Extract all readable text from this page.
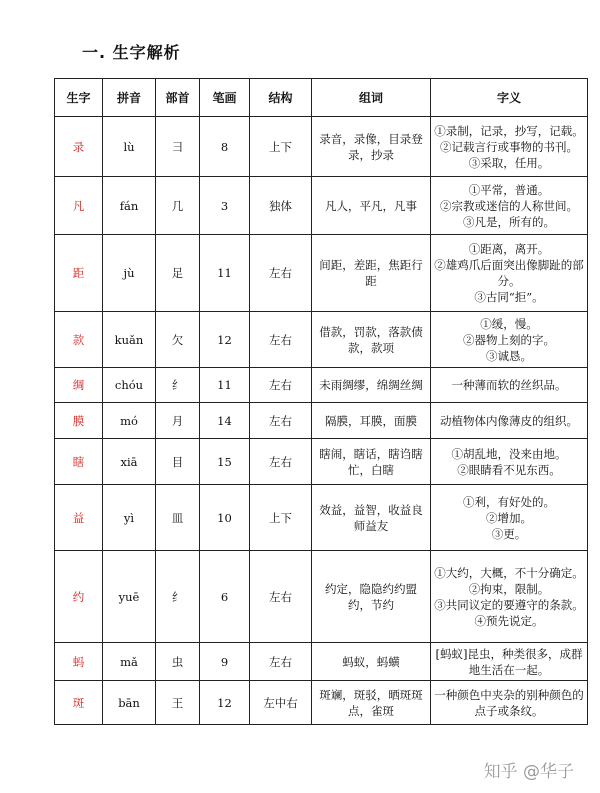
一. 生字解析
生字	拼音	部首	笔画	结构	组词	字义
录	lù	彐	8	上下	录音，录像，目录登录，抄录	①录制，记录，抄写，记载。
②记载言行或事物的书刊。
③采取，任用。

凡	fán	几	3	独体	凡人，平凡，凡事	①平常，普通。
②宗教或迷信的人称世间。
③凡是，所有的。

距	jù	足	11	左右	间距，差距，焦距行距	①距离，离开。
②雄鸡爪后面突出像脚趾的部分。
③古同“拒”。

款	kuǎn	欠	12	左右	借款，罚款，落款债款，款项	①缓，慢。
②器物上刻的字。
③诚恳。

绸	chóu	纟	11	左右	未雨绸缪，绵绸丝绸	一种薄而软的丝织品。

膜	mó	月	14	左右	隔膜，耳膜，面膜	动植物体内像薄皮的组织。

瞎	xiā	目	15	左右	瞎闹，瞎话，瞎诌瞎忙，白瞎	①胡乱地，没来由地。
②眼睛看不见东西。

益	yì	皿	10	上下	效益，益智，收益良师益友	①利，有好处的。
②增加。
③更。

约	yuē	纟	6	左右	约定，隐隐约约盟约，节约	①大约，大概，不十分确定。
②拘束，限制。
③共同议定的要遵守的条款。
④预先说定。

蚂	mǎ	虫	9	左右	蚂蚁，蚂蟥	[蚂蚁]昆虫，种类很多，成群地生活在一起。

斑	bān	王	12	左中右	斑斓，斑驳，晒斑斑点，雀斑	一种颜色中夹杂的别种颜色的点子或条纹。
知乎 @华子
